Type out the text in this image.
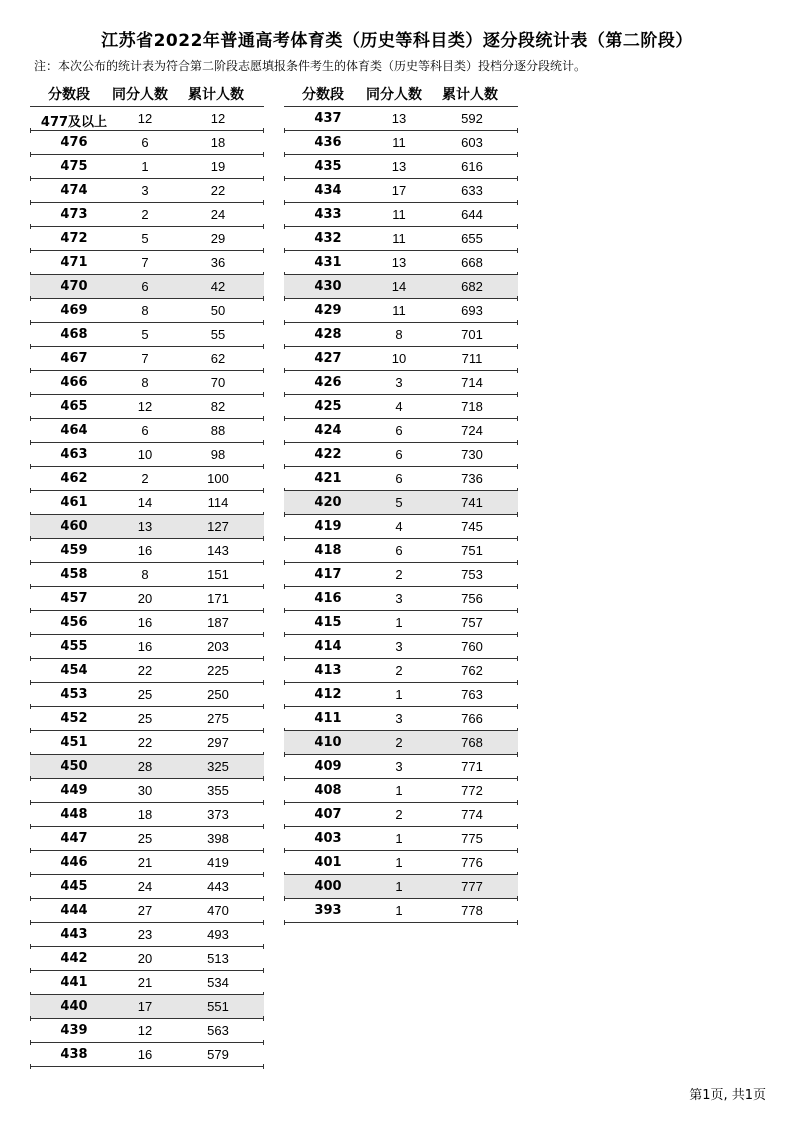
江苏省2022年普通高考体育类（历史等科目类）逐分段统计表（第二阶段）
注：本次公布的统计表为符合第二阶段志愿填报条件考生的体育类（历史等科目类）投档分逐分段统计。
分数段 同分人数 累计人数
477及以上	12	12
476	6	18
475	1	19
474	3	22
473	2	24
472	5	29
471	7	36
470	6	42
469	8	50
468	5	55
467	7	62
466	8	70
465	12	82
464	6	88
463	10	98
462	2	100
461	14	114
460	13	127
459	16	143
458	8	151
457	20	171
456	16	187
455	16	203
454	22	225
453	25	250
452	25	275
451	22	297
450	28	325
449	30	355
448	18	373
447	25	398
446	21	419
445	24	443
444	27	470
443	23	493
442	20	513
441	21	534
440	17	551
439	12	563
438	16	579
分数段 同分人数 累计人数
437	13	592
436	11	603
435	13	616
434	17	633
433	11	644
432	11	655
431	13	668
430	14	682
429	11	693
428	8	701
427	10	711
426	3	714
425	4	718
424	6	724
422	6	730
421	6	736
420	5	741
419	4	745
418	6	751
417	2	753
416	3	756
415	1	757
414	3	760
413	2	762
412	1	763
411	3	766
410	2	768
409	3	771
408	1	772
407	2	774
403	1	775
401	1	776
400	1	777
393	1	778
第1页, 共1页
